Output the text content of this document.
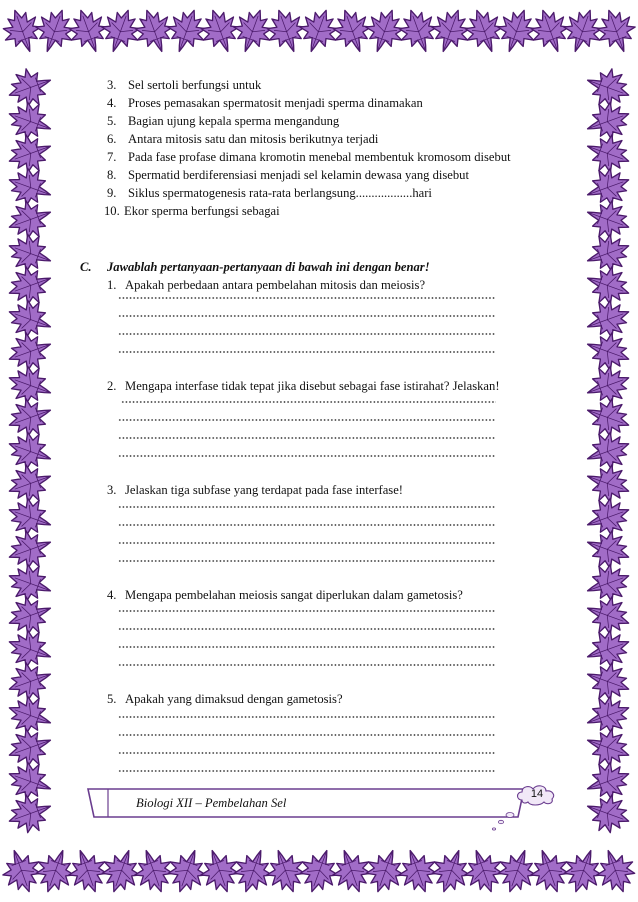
3. Sel sertoli berfungsi untuk
4. Proses pemasakan spermatosit menjadi sperma dinamakan
5. Bagian ujung kepala sperma mengandung
6. Antara mitosis satu dan mitosis berikutnya terjadi
7. Pada fase profase dimana kromotin menebal membentuk kromosom disebut
8. Spermatid berdiferensiasi menjadi sel kelamin dewasa yang disebut
9. Siklus spermatogenesis rata-rata berlangsung..................hari
10. Ekor sperma berfungsi sebagai
C. Jawablah pertanyaan-pertanyaan di bawah ini dengan benar!
1. Apakah perbedaan antara pembelahan mitosis dan meiosis?
2. Mengapa interfase tidak tepat jika disebut sebagai fase istirahat? Jelaskan!
3. Jelaskan tiga subfase yang terdapat pada fase interfase!
4. Mengapa pembelahan meiosis sangat diperlukan dalam gametosis?
5. Apakah yang dimaksud dengan gametosis?
Biologi XII – Pembelahan Sel
14
